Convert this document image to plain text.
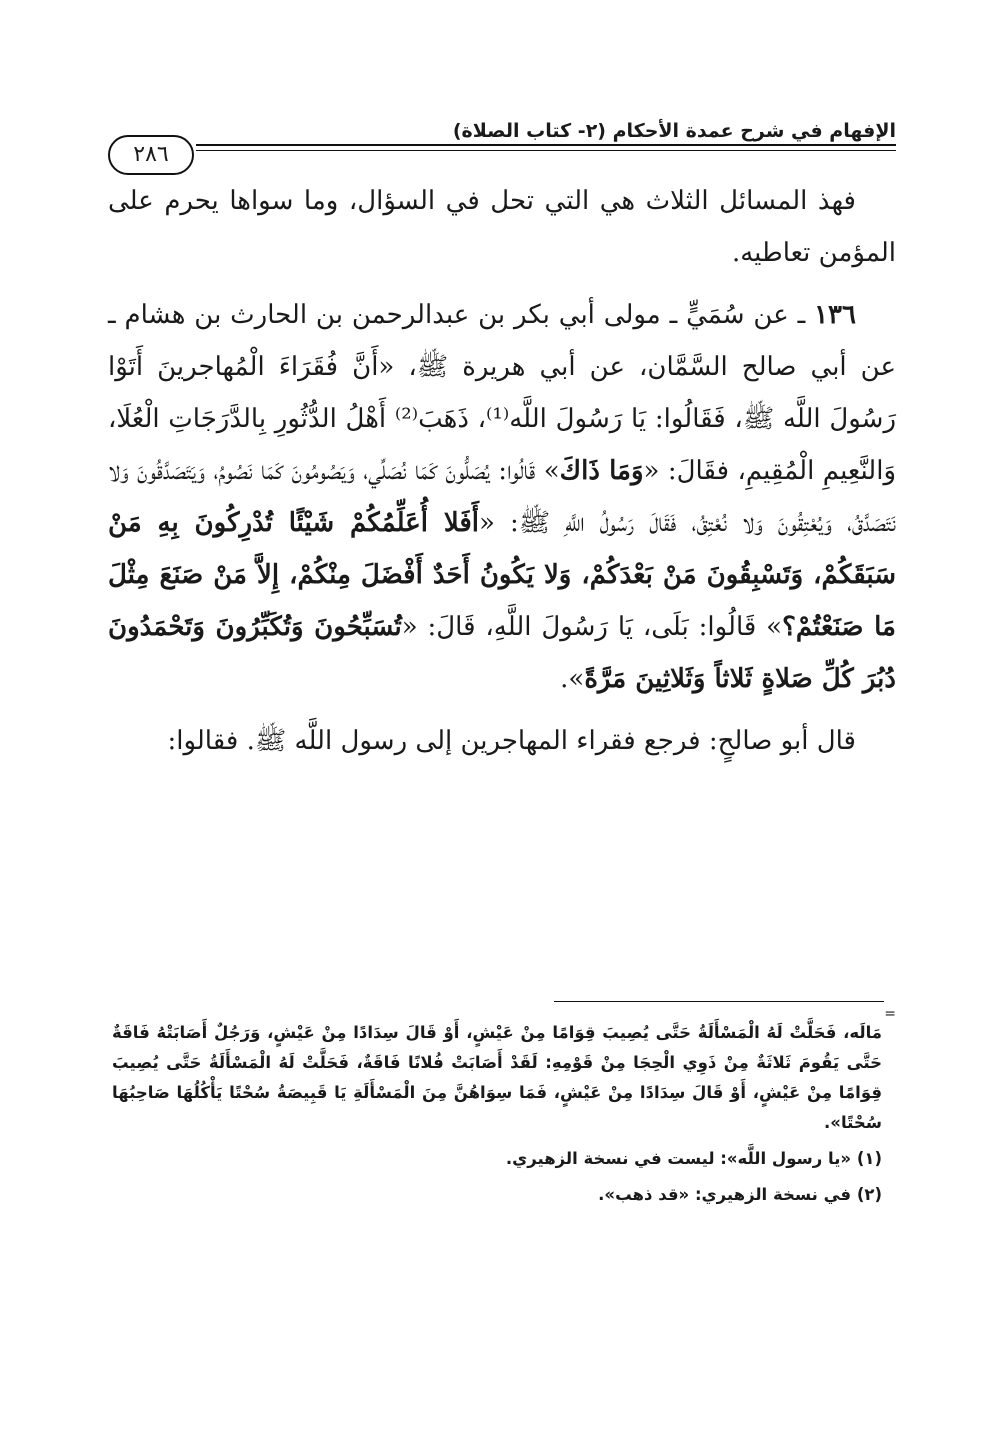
الإفهام في شرح عمدة الأحكام (٢- كتاب الصلاة)
٢٨٦

فهذ المسائل الثلاث هي التي تحل في السؤال، وما سواها يحرم على المؤمن تعاطيه.

١٣٦ ـ عن سُمَيٍّ ـ مولى أبي بكر بن عبدالرحمن بن الحارث بن هشام ـ عن أبي صالح السَّمَّان، عن أبي هريرة ﷺ، «أَنَّ فُقَرَاءَ الْمُهاجرينَ أَتَوْا رَسُولَ اللَّه ﷺ، فَقَالُوا: يَا رَسُولَ اللَّه⁽¹⁾، ذَهَبَ⁽²⁾ أَهْلُ الدُّثُورِ بِالدَّرَجَاتِ الْعُلَا، وَالنَّعِيمِ الْمُقِيمِ، فقَالَ: «وَمَا ذَاكَ» قَالُوا: يُصَلُّونَ كَمَا نُصَلِّي، وَيَصُومُونَ كَمَا نَصُومُ، وَيَتَصَدَّقُونَ وَلا نَتَصَدَّقُ، وَيُعْتِقُونَ وَلا نُعْتِقُ، فَقَالَ رَسُولُ اللَّهِ ﷺ: «أَفَلا أُعَلِّمُكُمْ شَيْئًا تُدْرِكُونَ بِهِ مَنْ سَبَقَكُمْ، وَتَسْبِقُونَ مَنْ بَعْدَكُمْ، وَلا يَكُونُ أَحَدٌ أَفْضَلَ مِنْكُمْ، إِلاَّ مَنْ صَنَعَ مِثْلَ مَا صَنَعْتُمْ؟» قَالُوا: بَلَى، يَا رَسُولَ اللَّهِ، قَالَ: «تُسَبِّحُونَ وَتُكَبِّرُونَ وَتَحْمَدُونَ دُبُرَ كُلِّ صَلاةٍ ثَلاثاً وَثَلاثِينَ مَرَّةً».

قال أبو صالحٍ: فرجع فقراء المهاجرين إلى رسول اللَّه ﷺ. فقالوا:

=

مَالَه، فَحَلَّتْ لَهُ الْمَسْأَلَةُ حَتَّى يُصِيبَ قِوَامًا مِنْ عَيْشٍ، أَوْ قَالَ سِدَادًا مِنْ عَيْشٍ، وَرَجُلٌ أَصَابَتْهُ فَاقَةٌ حَتَّى يَقُومَ ثَلاثَةٌ مِنْ ذَوِي الْحِجَا مِنْ قَوْمِهِ: لَقَدْ أَصَابَتْ فُلانًا فَاقَةٌ، فَحَلَّتْ لَهُ الْمَسْأَلَةُ حَتَّى يُصِيبَ قِوَامًا مِنْ عَيْشٍ، أَوْ قَالَ سِدَادًا مِنْ عَيْشٍ، فَمَا سِوَاهُنَّ مِنَ الْمَسْأَلَةِ يَا قَبِيصَةُ سُحْتًا يَأْكُلُهَا صَاحِبُهَا سُحْتًا».

(١) «يا رسول اللَّه»: ليست في نسخة الزهيري.

(٢) في نسخة الزهيري: «قد ذهب».
